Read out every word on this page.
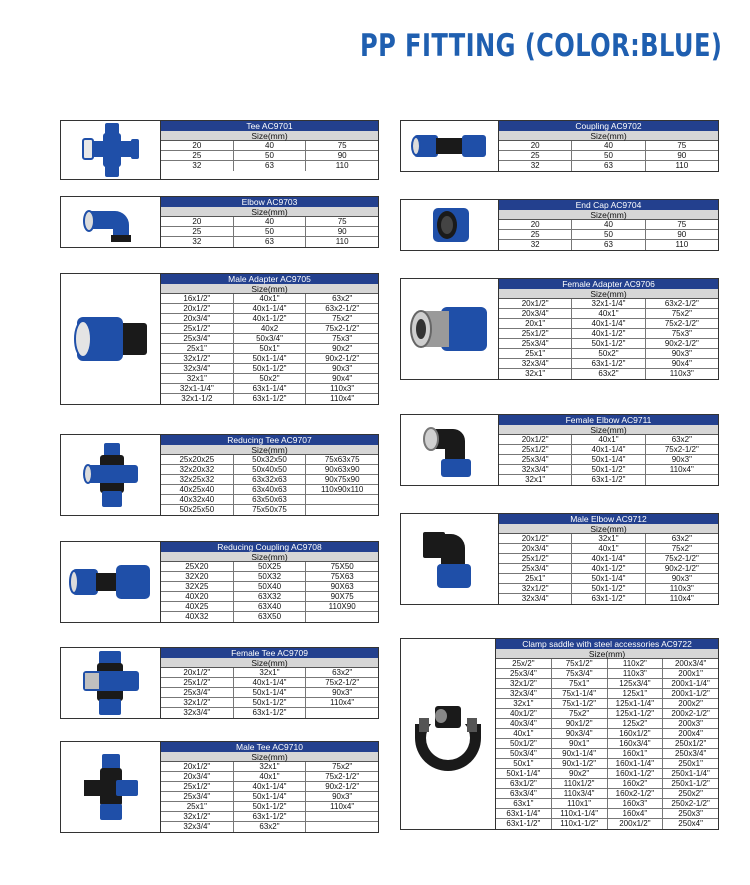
PP FITTING (COLOR:BLUE)
Tee AC9701
Size(mm)
20	40	75
25	50	90
32	63	110
Coupling AC9702
Size(mm)
20	40	75
25	50	90
32	63	110
Elbow AC9703
Size(mm)
20	40	75
25	50	90
32	63	110
End Cap AC9704
Size(mm)
20	40	75
25	50	90
32	63	110
Male Adapter AC9705
Size(mm)
16x1/2"	40x1"	63x2"
20x1/2"	40x1-1/4"	63x2-1/2"
20x3/4"	40x1-1/2"	75x2"
25x1/2"	40x2	75x2-1/2"
25x3/4"	50x3/4"	75x3"
25x1"	50x1"	90x2"
32x1/2"	50x1-1/4"	90x2-1/2"
32x3/4"	50x1-1/2"	90x3"
32x1"	50x2"	90x4"
32x1-1/4"	63x1-1/4"	110x3"
32x1-1/2	63x1-1/2"	110x4"
Female Adapter AC9706
Size(mm)
20x1/2"	32x1-1/4"	63x2-1/2"
20x3/4"	40x1"	75x2"
20x1"	40x1-1/4"	75x2-1/2"
25x1/2"	40x1-1/2"	75x3"
25x3/4"	50x1-1/2"	90x2-1/2"
25x1"	50x2"	90x3"
32x3/4"	63x1-1/2"	90x4"
32x1"	63x2"	110x3"
Female Elbow AC9711
Size(mm)
20x1/2"	40x1"	63x2"
25x1/2"	40x1-1/4"	75x2-1/2"
25x3/4"	50x1-1/4"	90x3"
32x3/4"	50x1-1/2"	110x4"
32x1"	63x1-1/2"
Reducing Tee AC9707
Size(mm)
25x20x25	50x32x50	75x63x75
32x20x32	50x40x50	90x63x90
32x25x32	63x32x63	90x75x90
40x25x40	63x40x63	110x90x110
40x32x40	63x50x63
50x25x50	75x50x75
Male Elbow AC9712
Size(mm)
20x1/2"	32x1"	63x2"
20x3/4"	40x1"	75x2"
25x1/2"	40x1-1/4"	75x2-1/2"
25x3/4"	40x1-1/2"	90x2-1/2"
25x1"	50x1-1/4"	90x3"
32x1/2"	50x1-1/2"	110x3"
32x3/4"	63x1-1/2"	110x4"
Reducing Coupling AC9708
Size(mm)
25X20	50X25	75X50
32X20	50X32	75X63
32X25	50X40	90X63
40X20	63X32	90X75
40X25	63X40	110X90
40X32	63X50
Clamp saddle with steel accessories AC9722
Size(mm)
25x/2"	75x1/2"	110x2"	200x3/4"
25x3/4"	75x3/4"	110x3"	200x1"
32x1/2"	75x1"	125x3/4"	200x1-1/4"
32x3/4"	75x1-1/4"	125x1"	200x1-1/2"
32x1"	75x1-1/2"	125x1-1/4"	200x2"
40x1/2"	75x2"	125x1-1/2"	200x2-1/2"
40x3/4"	90x1/2"	125x2"	200x3"
40x1"	90x3/4"	160x1/2"	200x4"
50x1/2"	90x1"	160x3/4"	250x1/2"
50x3/4"	90x1-1/4"	160x1"	250x3/4"
50x1"	90x1-1/2"	160x1-1/4"	250x1"
50x1-1/4"	90x2"	160x1-1/2"	250x1-1/4"
63x1/2"	110x1/2"	160x2"	250x1-1/2"
63x3/4"	110x3/4"	160x2-1/2"	250x2"
63x1"	110x1"	160x3"	250x2-1/2"
63x1-1/4"	110x1-1/4"	160x4"	250x3"
63x1-1/2"	110x1-1/2"	200x1/2"	250x4"
Female Tee AC9709
Size(mm)
20x1/2"	32x1"	63x2"
25x1/2"	40x1-1/4"	75x2-1/2"
25x3/4"	50x1-1/4"	90x3"
32x1/2"	50x1-1/2"	110x4"
32x3/4"	63x1-1/2"
Male Tee AC9710
Size(mm)
20x1/2"	32x1"	75x2"
20x3/4"	40x1"	75x2-1/2"
25x1/2"	40x1-1/4"	90x2-1/2"
25x3/4"	50x1-1/4"	90x3"
25x1"	50x1-1/2"	110x4"
32x1/2"	63x1-1/2"
32x3/4"	63x2"
